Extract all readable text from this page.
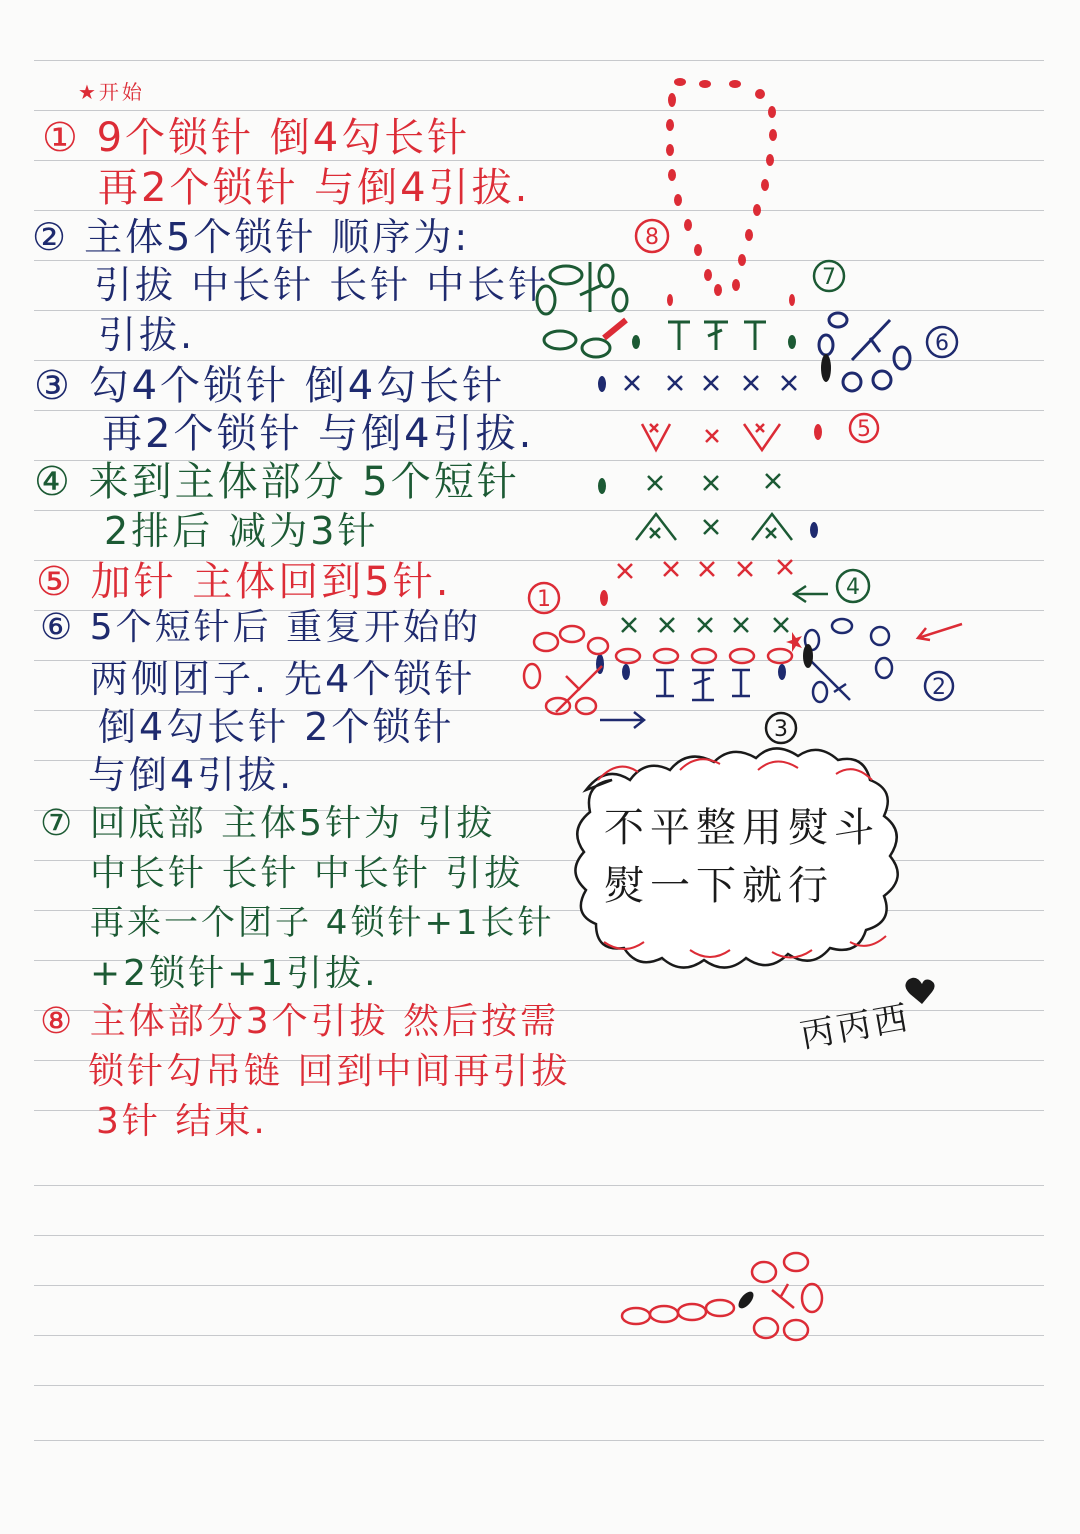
★开始
① 9个锁针 倒4勾长针
再2个锁针 与倒4引拔.
② 主体5个锁针 顺序为:
引拔 中长针 长针 中长针
引拔.
③ 勾4个锁针 倒4勾长针
再2个锁针 与倒4引拔.
④ 来到主体部分 5个短针
2排后 减为3针
⑤ 加针 主体回到5针.
⑥ 5个短针后 重复开始的
两侧团子. 先4个锁针
倒4勾长针 2个锁针
与倒4引拔.
⑦ 回底部 主体5针为 引拔
中长针 长针 中长针 引拔
再来一个团子 4锁针+1长针
+2锁针+1引拔.
⑧ 主体部分3个引拔 然后按需
锁针勾吊链 回到中间再引拔
3针 结束.
8
7
6
5
4
1
2
3
不平整用熨斗
熨一下就行
丙丙西
